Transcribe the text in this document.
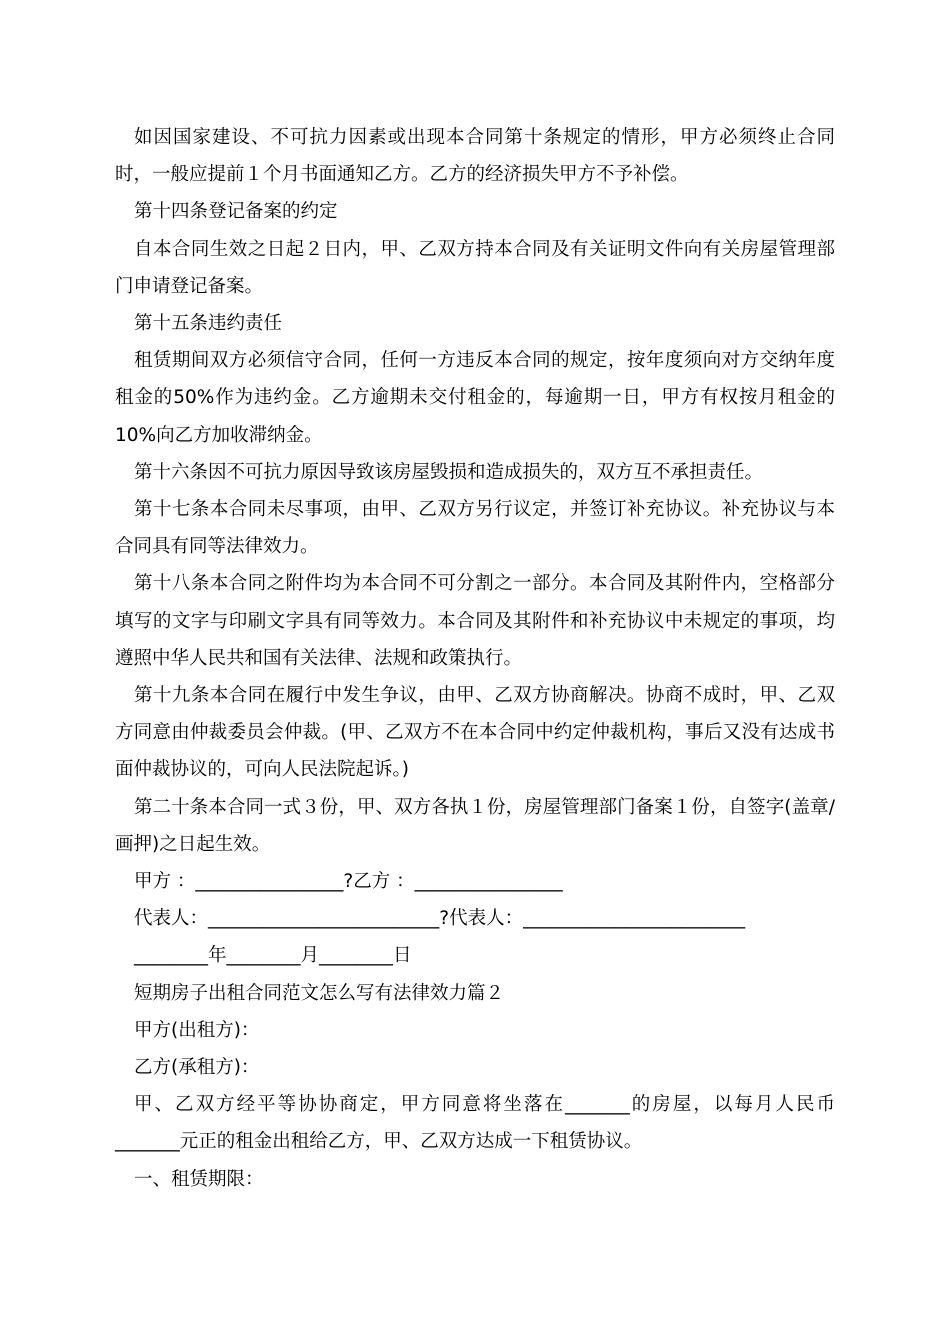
如因国家建设、不可抗力因素或出现本合同第十条规定的情形，甲方必须终止合同时，一般应提前１个月书面通知乙方。乙方的经济损失甲方不予补偿。

第十四条登记备案的约定

自本合同生效之日起２日内，甲、乙双方持本合同及有关证明文件向有关房屋管理部门申请登记备案。

第十五条违约责任

租赁期间双方必须信守合同，任何一方违反本合同的规定，按年度须向对方交纳年度租金的50%作为违约金。乙方逾期未交付租金的，每逾期一日，甲方有权按月租金的10%向乙方加收滞纳金。

第十六条因不可抗力原因导致该房屋毁损和造成损失的，双方互不承担责任。

第十七条本合同未尽事项，由甲、乙双方另行议定，并签订补充协议。补充协议与本合同具有同等法律效力。

第十八条本合同之附件均为本合同不可分割之一部分。本合同及其附件内，空格部分填写的文字与印刷文字具有同等效力。本合同及其附件和补充协议中未规定的事项，均遵照中华人民共和国有关法律、法规和政策执行。

第十九条本合同在履行中发生争议，由甲、乙双方协商解决。协商不成时，甲、乙双方同意由仲裁委员会仲裁。(甲、乙双方不在本合同中约定仲裁机构，事后又没有达成书面仲裁协议的，可向人民法院起诉。)

第二十条本合同一式３份，甲、双方各执１份，房屋管理部门备案１份，自签字(盖章/画押)之日起生效。

甲方 ：________________?乙方 ：________________

代表人：_________________________?代表人：________________________

________年________月________日

短期房子出租合同范文怎么写有法律效力篇２

甲方(出租方)：

乙方(承租方)：

甲、乙双方经平等协协商定，甲方同意将坐落在_______的房屋，以每月人民币_______元正的租金出租给乙方，甲、乙双方达成一下租赁协议。

一、租赁期限：
